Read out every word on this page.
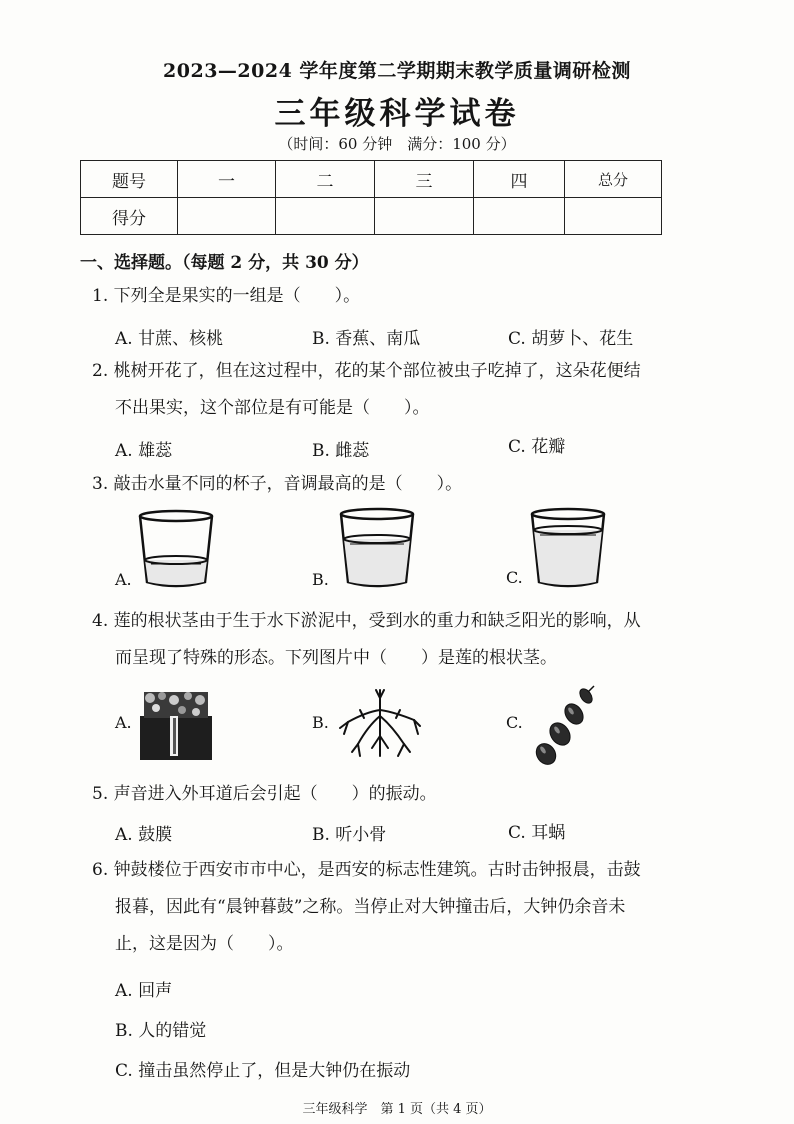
2023—2024 学年度第二学期期末教学质量调研检测
三年级科学试卷
（时间：60 分钟　满分：100 分）
题号	一	二	三	四	总分
得分					
一、选择题。（每题 2 分，共 30 分）
1. 下列全是果实的一组是（　　）。
A. 甘蔗、核桃	B. 香蕉、南瓜	C. 胡萝卜、花生
2. 桃树开花了，但在这过程中，花的某个部位被虫子吃掉了，这朵花便结
不出果实，这个部位是有可能是（　　）。
A. 雄蕊	B. 雌蕊	C. 花瓣
3. 敲击水量不同的杯子，音调最高的是（　　）。
A.	B.	C.
4. 莲的根状茎由于生于水下淤泥中，受到水的重力和缺乏阳光的影响，从
而呈现了特殊的形态。下列图片中（　　）是莲的根状茎。
A.	B.	C.
5. 声音进入外耳道后会引起（　　）的振动。
A. 鼓膜	B. 听小骨	C. 耳蜗
6. 钟鼓楼位于西安市市中心，是西安的标志性建筑。古时击钟报晨，击鼓
报暮，因此有“晨钟暮鼓”之称。当停止对大钟撞击后，大钟仍余音未
止，这是因为（　　）。
A. 回声
B. 人的错觉
C. 撞击虽然停止了，但是大钟仍在振动
三年级科学　第 1 页（共 4 页）
